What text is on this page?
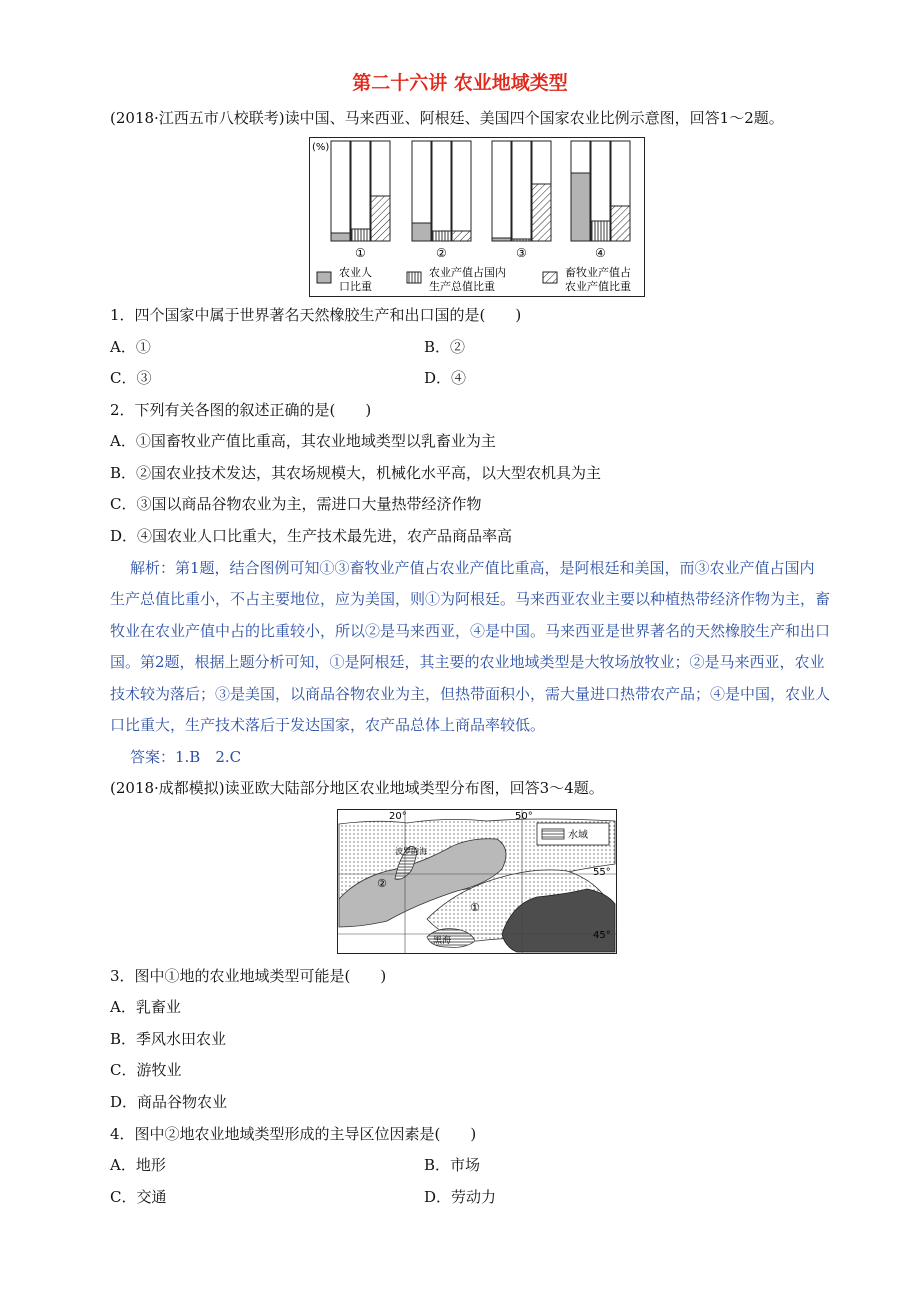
第二十六讲 农业地域类型
(2018·江西五市八校联考)读中国、马来西亚、阿根廷、美国四个国家农业比例示意图，回答1～2题。
(%)
①	②	③	④
农业人
口比重
农业产值占国内
生产总值比重
畜牧业产值占
农业产值比重
1．四个国家中属于世界著名天然橡胶生产和出口国的是(　　)
A．①	B．②
C．③	D．④
2．下列有关各图的叙述正确的是(　　)
A．①国畜牧业产值比重高，其农业地域类型以乳畜业为主
B．②国农业技术发达，其农场规模大，机械化水平高，以大型农机具为主
C．③国以商品谷物农业为主，需进口大量热带经济作物
D．④国农业人口比重大，生产技术最先进，农产品商品率高
解析：第1题，结合图例可知①③畜牧业产值占农业产值比重高，是阿根廷和美国，而③农业产值占国内
生产总值比重小，不占主要地位，应为美国，则①为阿根廷。马来西亚农业主要以种植热带经济作物为主，畜
牧业在农业产值中占的比重较小，所以②是马来西亚，④是中国。马来西亚是世界著名的天然橡胶生产和出口
国。第2题，根据上题分析可知，①是阿根廷，其主要的农业地域类型是大牧场放牧业；②是马来西亚，农业
技术较为落后；③是美国，以商品谷物农业为主，但热带面积小，需大量进口热带农产品；④是中国，农业人
口比重大，生产技术落后于发达国家，农产品总体上商品率较低。
答案：1.B　2.C
(2018·成都模拟)读亚欧大陆部分地区农业地域类型分布图，回答3～4题。
20°	50°
55°
45°
①
②
波罗的海
黑海
水域
3．图中①地的农业地域类型可能是(　　)
A．乳畜业
B．季风水田农业
C．游牧业
D．商品谷物农业
4．图中②地农业地域类型形成的主导区位因素是(　　)
A．地形	B．市场
C．交通	D．劳动力
